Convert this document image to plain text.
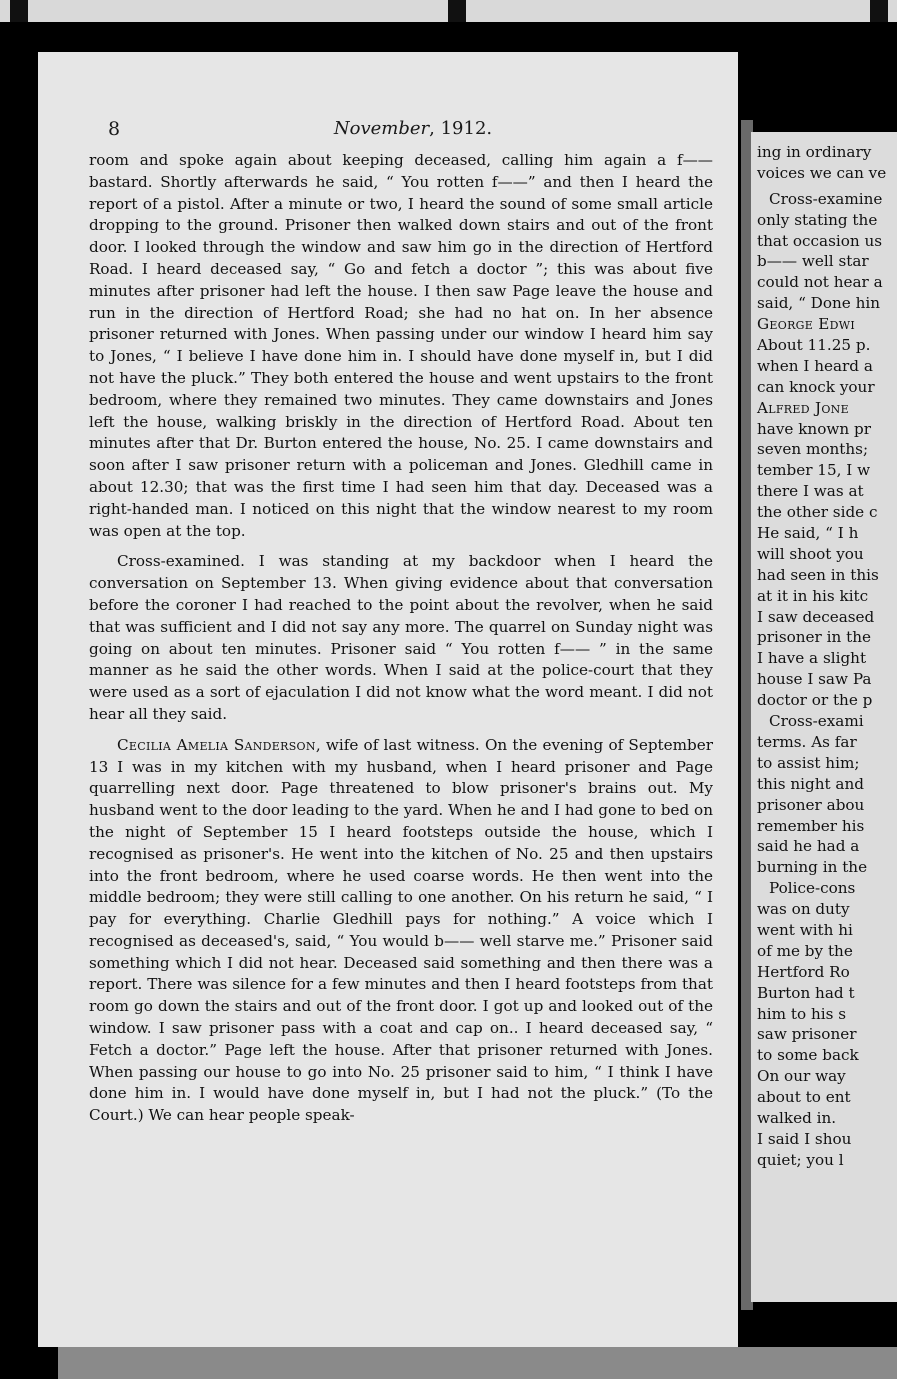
8	November, 1912.

room and spoke again about keeping deceased, calling him again a f—— bastard. Shortly afterwards he said, “ You rotten f——” and then I heard the report of a pistol. After a minute or two, I heard the sound of some small article dropping to the ground. Prisoner then walked down stairs and out of the front door. I looked through the window and saw him go in the direction of Hertford Road. I heard deceased say, “ Go and fetch a doctor ”; this was about five minutes after prisoner had left the house. I then saw Page leave the house and run in the direction of Hertford Road; she had no hat on. In her absence prisoner returned with Jones. When passing under our window I heard him say to Jones, “ I believe I have done him in. I should have done myself in, but I did not have the pluck.” They both entered the house and went upstairs to the front bedroom, where they remained two minutes. They came downstairs and Jones left the house, walking briskly in the direction of Hertford Road. About ten minutes after that Dr. Burton entered the house, No. 25. I came downstairs and soon after I saw prisoner return with a policeman and Jones. Gledhill came in about 12.30; that was the first time I had seen him that day. Deceased was a right-handed man. I noticed on this night that the window nearest to my room was open at the top.

Cross-examined. I was standing at my backdoor when I heard the conversation on September 13. When giving evidence about that conversation before the coroner I had reached to the point about the revolver, when he said that was sufficient and I did not say any more. The quarrel on Sunday night was going on about ten minutes. Prisoner said “ You rotten f—— ” in the same manner as he said the other words. When I said at the police-court that they were used as a sort of ejaculation I did not know what the word meant. I did not hear all they said.

Cecilia Amelia Sanderson, wife of last witness. On the evening of September 13 I was in my kitchen with my husband, when I heard prisoner and Page quarrelling next door. Page threatened to blow prisoner's brains out. My husband went to the door leading to the yard. When he and I had gone to bed on the night of September 15 I heard footsteps outside the house, which I recognised as prisoner's. He went into the kitchen of No. 25 and then upstairs into the front bedroom, where he used coarse words. He then went into the middle bedroom; they were still calling to one another. On his return he said, “ I pay for everything. Charlie Gledhill pays for nothing.” A voice which I recognised as deceased's, said, “ You would b—— well starve me.” Prisoner said something which I did not hear. Deceased said something and then there was a report. There was silence for a few minutes and then I heard footsteps from that room go down the stairs and out of the front door. I got up and looked out of the window. I saw prisoner pass with a coat and cap on.. I heard deceased say, “ Fetch a doctor.” Page left the house. After that prisoner returned with Jones. When passing our house to go into No. 25 prisoner said to him, “ I think I have done him in. I would have done myself in, but I had not the pluck.” (To the Court.) We can hear people speak-

ing in ordinary
voices we can ve
Cross-examine
only stating the
that occasion us
b—— well star
could not hear a
said, “ Done hin
George Edwi
About 11.25 p.
when I heard a
can knock your
Alfred Jone
have known pr
seven months;
tember 15, I w
there I was at
the other side c
He said, “ I h
will shoot you
had seen in this
at it in his kitc
I saw deceased
prisoner in the
I have a slight
house I saw Pa
doctor or the p
Cross-exami
terms. As far
to assist him;
this night and
prisoner abou
remember his
said he had a
burning in the
Police-cons
was on duty
went with hi
of me by the
Hertford Ro
Burton had t
him to his s
saw prisoner
to some back
On our way
about to ent
walked in.
I said I shou
quiet; you l
